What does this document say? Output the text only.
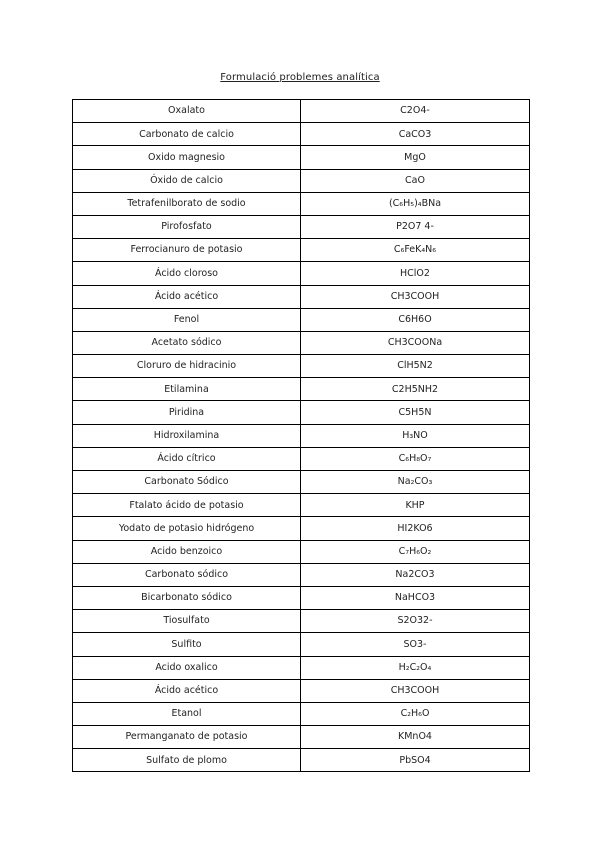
Formulació problemes analítica
Oxalato	C2O4-
Carbonato de calcio	CaCO3
Oxido magnesio	MgO
Óxido de calcio	CaO
Tetrafenilborato de sodio	(C₆H₅)₄BNa
Pirofosfato	P2O7 4-
Ferrocianuro de potasio	C₆FeK₄N₆
Ácido cloroso	HClO2
Ácido acético	CH3COOH
Fenol	C6H6O
Acetato sódico	CH3COONa
Cloruro de hidracinio	ClH5N2
Etilamina	C2H5NH2
Piridina	C5H5N
Hidroxilamina	H₃NO
Ácido cítrico	C₆H₈O₇
Carbonato Sódico	Na₂CO₃
Ftalato ácido de potasio	KHP
Yodato de potasio hidrógeno	HI2KO6
Acido benzoico	C₇H₆O₂
Carbonato sódico	Na2CO3
Bicarbonato sódico	NaHCO3
Tiosulfato	S2O32-
Sulfito	SO3-
Acido oxalico	H₂C₂O₄
Ácido acético	CH3COOH
Etanol	C₂H₆O
Permanganato de potasio	KMnO4
Sulfato de plomo	PbSO4
